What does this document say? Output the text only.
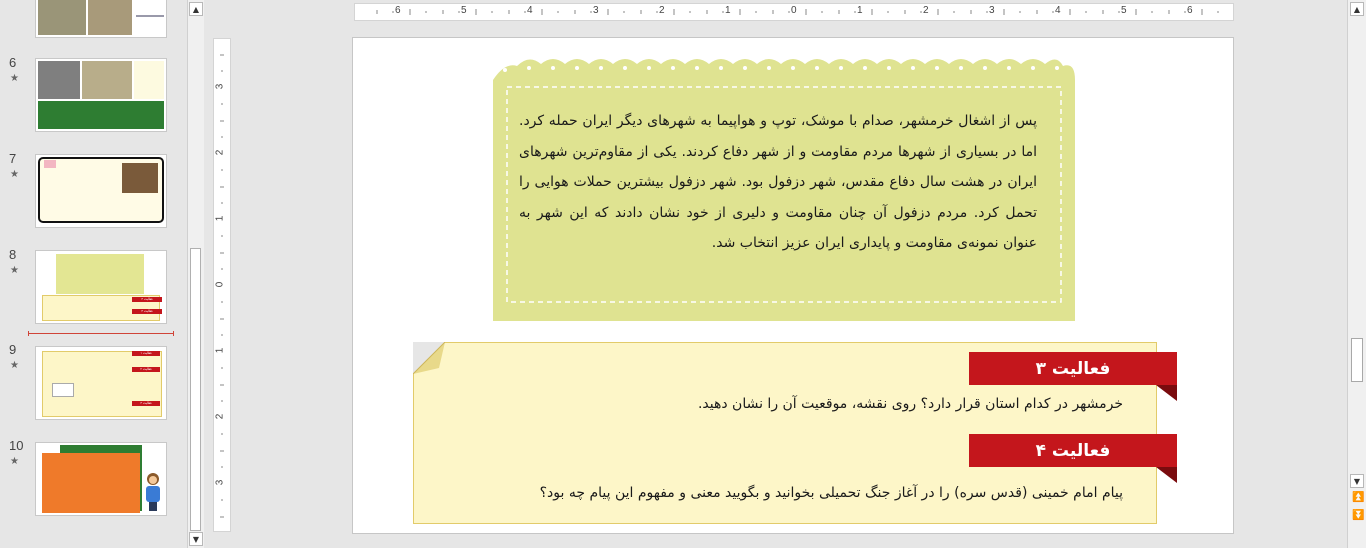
6
★
7
★
8
★
فعالیت ۳
فعالیت ۴
9
★
فعالیت ۱
فعالیت ۲
فعالیت ۳
10
★
▲
▼
6	5	4	3	2	1	0	1	2	3	4	5	6
3
2
1
0
1
2
3
پس از اشغال خرمشهر، صدام با موشک، توپ و هواپیما به شهرهای دیگر ایران حمله کرد. اما در بسیاری از شهرها مردم مقاومت و از شهر دفاع کردند. یکی از مقاوم‌ترین شهرهای ایران در هشت سال دفاع مقدس، شهر دزفول بود. شهر دزفول بیشترین حملات هوایی را تحمل کرد. مردم دزفول آن چنان مقاومت و دلیری از خود نشان دادند که این شهر به عنوان نمونه‌ی مقاومت و پایداری ایران عزیز انتخاب شد.
فعالیت ۳
خرمشهر در کدام استان قرار دارد؟ روی نقشه، موقعیت آن را نشان دهید.
فعالیت ۴
پیام امام خمینی (قدس سره) را در آغاز جنگ تحمیلی بخوانید و بگویید معنی و مفهوم این پیام چه بود؟
▲
▼
⏫
⏬
